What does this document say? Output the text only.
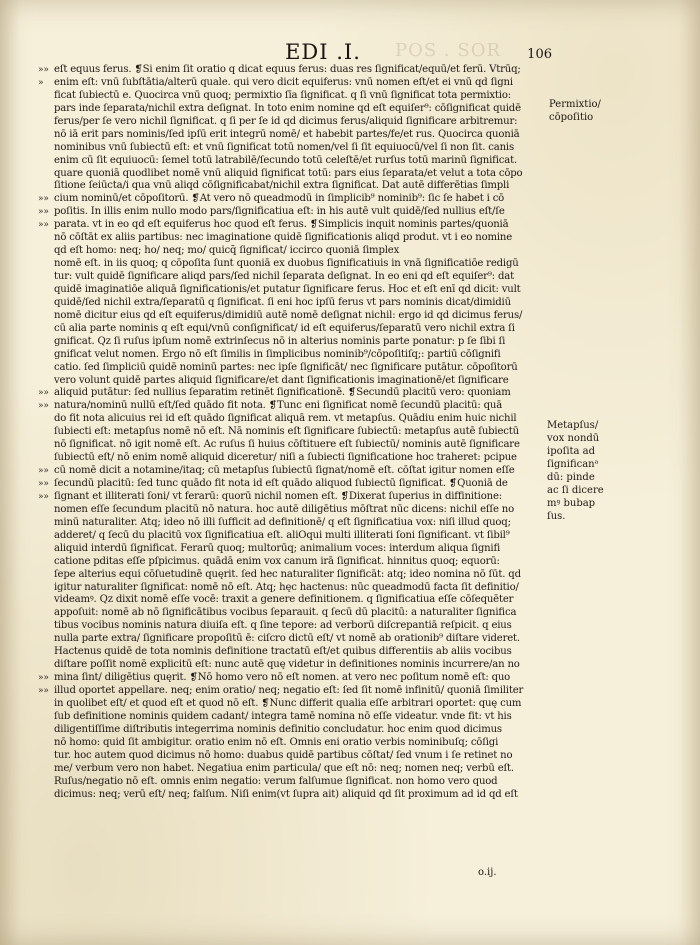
POS . SOR
EDI .I.	106
»» eſt equus ferus. ❡Si enim ſit oratio q dicat equus ferus: duas res ſignificat/equū/et ferū. Vtrūq;
»	enim eſt: vnū ſubſtātia/alterū quale. qui vero dicit equiferus: vnū nomen eſt/et ei vnū qd ſigni
ficat ſubiectū e. Quocirca vnū quoq; permixtio ſīa ſignificat. q ſi vnū ſignificat tota permixtio:
pars inde ſeparata/nichil extra deſignat. In toto enim nomine qd eſt equiſer⁹: cōſignificat quidē
ferus/per ſe vero nichil ſignificat. q ſi per ſe id qd dicimus ferus/aliquid ſignificare arbitremur:
nō iā erit pars nominis/ſed ipſū erit integrū nomē/ et habebit partes/fe/et rus. Quocirca quoniā
nominibus vnū ſubiectū eſt: et vnū ſignificat totū nomen/vel ſi ſit equiuocū/vel ſi non ſit. canis
enim cū ſit equiuocū: ſemel totū latrabilē/ſecundo totū celeſtē/et rurſus totū marinū ſignificat.
quare quoniā quodlibet nomē vnū aliquid ſignificat totū: pars eius ſeparata/et velut a tota cōpo
ſitione ſeiūcta/i qua vnū aliqd cōſignificabat/nichil extra ſignificat. Dat autē differētias ſimpli
»» cium nominū/et cōpoſitorū. ❡At vero nō queadmodū in ſimplicib⁹ nominib⁹: ſic ſe habet i cō
»» poſitis. In illis enim nullo modo pars/ſignificatiua eſt: in his autē vult quidē/ſed nullius eſt/ſe
»» parata. vt in eo qd eſt equiferus hoc quod eſt ferus. ❡Simplicis inquit nominis partes/quoniā
nō cōſtāt ex aliis partibus: nec imaginatione quidē ſignificationis aliqd produt. vt i eo nomine
qd eſt homo: neq; ho/ neq; mo/ quicq̄ ſignificat/ iccirco quoniā ſimplex
nomē eſt. in iis quoq; q cōpoſita ſunt quoniā ex duobus ſignificatiuis in vnā ſignificatiōe redigū
tur: vult quidē ſignificare aliqd pars/ſed nichil ſeparata deſignat. In eo eni qd eſt equiſer⁹: dat
quidē imaginatiōe aliquā ſignificationis/et putatur ſignificare ferus. Hoc et eſt enī qd dicit: vult
quidē/ſed nichil extra/ſeparatū q ſignificat. ſi eni hoc ipſū ferus vt pars nominis dicat/dimidiū
nomē dicitur eius qd eſt equiferus/dimidiū autē nomē deſignat nichil: ergo id qd dicimus ferus/
cū alia parte nominis q eſt equi/vnū conſignificat/ id eſt equiferus/ſeparatū vero nichil extra ſi
gnificat. Qz ſi ruſus ipſum nomē extrinſecus nō in alterius nominis parte ponatur: p ſe ſibi ſi
gnificat velut nomen. Ergo nō eſt ſimilis in ſimplicibus nominib⁹/cōpoſitiſq;: partiū cōſignifi
catio. ſed ſimpliciū quidē nominū partes: nec ipſe ſignificāt/ nec ſignificare putātur. cōpoſitorū
vero volunt quidē partes aliquid ſignificare/et dant ſignificationis imaginationē/et ſignificare
»» aliquid putātur: ſed nullius ſeparatim retinēt ſignificationē. ❡Secundū placitū vero: quoniam
»» natura/nominū nullū eſt/ſed quādo fit nota. ❡Tunc eni ſignificat nomē ſecundū placitū: quā
do fit nota alicuius rei id eſt quādo ſignificat aliquā rem. vt metapſus. Quādiu enim huic nichil
ſubiecti eſt: metapſus nomē nō eſt. Nā nominis eſt ſignificare ſubiectū: metapſus autē ſubiectū
nō ſignificat. nō igit nomē eſt. Ac ruſus ſi huius cōſtituere eſt ſubiectū/ nominis autē ſignificare
ſubiectū eſt/ nō enim nomē aliquid diceretur/ niſi a ſubiecti ſignificatione hoc traheret: pcipue
»» cū nomē dicit a notamine/itaq; cū metapſus ſubiectū ſignat/nomē eſt. cōſtat igitur nomen eſſe
»» ſecundū placitū: ſed tunc quādo fit nota id eſt quādo aliquod ſubiectū ſignificat. ❡Quoniā de
»» ſignant et illiterati ſoni/ vt ferarū: quorū nichil nomen eſt. ❡Dixerat ſuperius in diffinitione:
nomen eſſe ſecundum placitū nō natura. hoc autē diligētius mōſtrat nūc dicens: nichil eſſe no
minū naturaliter. Atq; ideo nō illi ſufficit ad definitionē/ q eſt ſignificatiua vox: niſi illud quoq;
adderet/ q ſecū du placitū vox ſignificatiua eſt. aliOqui multi illiterati ſoni ſignificant. vt ſibil⁹
aliquid interdū ſignificat. Ferarū quoq; multorūq; animalium voces: interdum aliqua ſignifi
catione pditas eſſe pſpicimus. quādā enim vox canum irā ſignificat. hinnitus quoq; equorū:
ſepe alterius equi cōſuetudinē quęrit. ſed hec naturaliter ſignificāt: atq; ideo nomina nō ſūt. qd
igitur naturaliter ſignificat: nomē nō eſt. Atq; hęc hactenus: nūc queadmodū facta ſit definitio/
videamꝰ. Qz dixit nomē eſſe vocē: traxit a genere definitionem. q ſignificatiua eſſe cōſequēter
appoſuit: nomē ab nō ſignificātibus vocibus ſeparauit. q ſecū dū placitū: a naturaliter ſignifica
tibus vocibus nominis natura diuiſa eſt. q ſine tepore: ad verborū diſcrepantiā reſpicit. q eius
nulla parte extra/ ſignificare propoſitū ē: ciſcro dictū eſt/ vt nomē ab orationib⁹ diſtare videret.
Hactenus quidē de tota nominis definitione tractatū eſt/et quibus differentiis ab aliis vocibus
diſtare poſſit nomē explicitū eſt: nunc autē quę videtur in definitiones nominis incurrere/an no
»» mina ſint/ diligētius quęrit. ❡Nō homo vero nō eſt nomen. at vero nec poſitum nomē eſt: quo
»» illud oportet appellare. neq; enim oratio/ neq; negatio eſt: ſed ſit nomē infinitū/ quoniā ſimiliter
in quolibet eſt/ et quod eſt et quod nō eſt. ❡Nunc differit qualia eſſe arbitrari oportet: quę cum
ſub definitione nominis quidem cadant/ integra tamē nomina nō eſſe videatur. vnde fit: vt his
diligentiſſime diſtributis integerrima nominis definitio concludatur. hoc enim quod dicimus
nō homo: quid ſit ambigitur. oratio enim nō eſt. Omnis eni oratio verbis nominibuſq; cōſigi
tur. hoc autem quod dicimus nō homo: duabus quidē partibus cōſtat/ ſed vnum i ſe retinet no
me/ verbum vero non habet. Negatiua enim particula/ que eſt nō: neq; nomen neq; verbū eſt.
Ruſus/negatio nō eſt. omnis enim negatio: verum falſumue ſignificat. non homo vero quod
dicimus: neq; verū eſt/ neq; falſum. Niſi enim(vt ſupra ait) aliquid qd ſit proximum ad id qd eſt
Permixtio/
cōpoſitio
Metapſus/
vox nondū
ipoſita ad
ſignificanᵃ
dū: pinde
ac ſi dicere
mꝰ bubap
ſus.
o.ij.
